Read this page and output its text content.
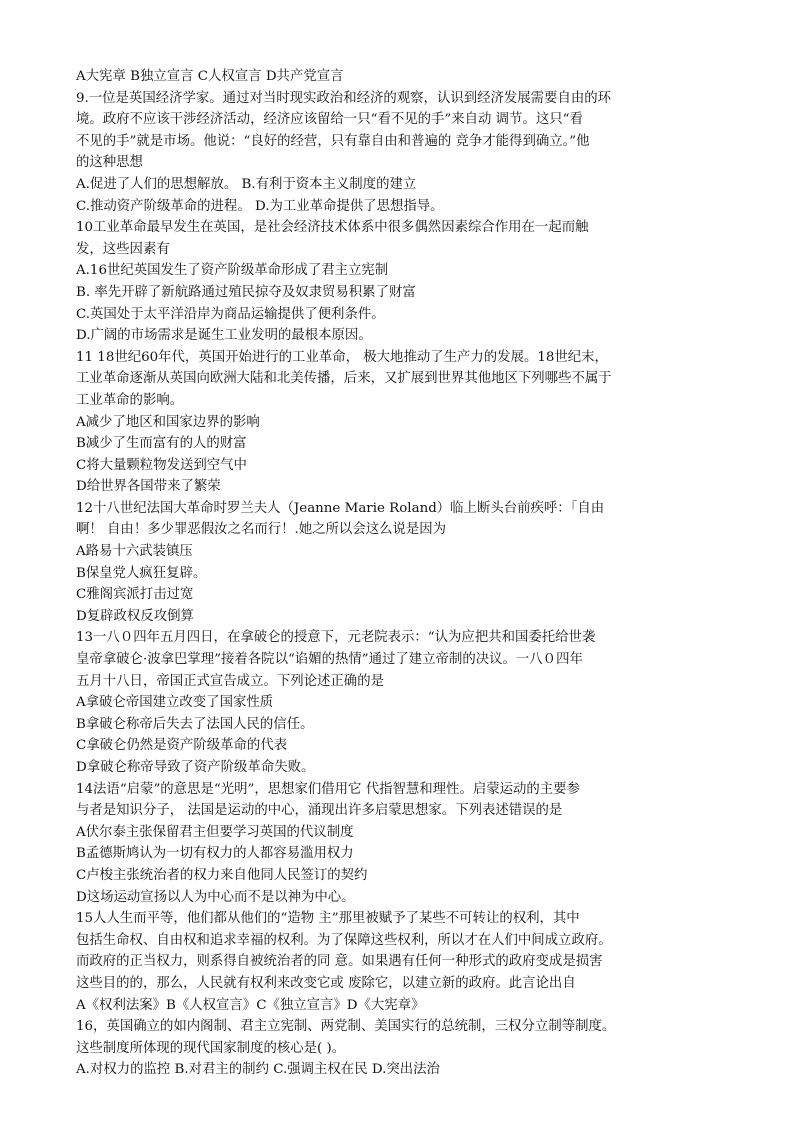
A大宪章 B独立宣言 C人权宣言 D共产党宣言
9.一位是英国经济学家。通过对当时现实政治和经济的观察，认识到经济发展需要自由的环
境。政府不应该干涉经济活动，经济应该留给一只“看不见的手”来自动 调节。这只“看
不见的手”就是市场。他说：“良好的经营，只有靠自由和普遍的 竞争才能得到确立。”他
的这种思想
A.促进了人们的思想解放。 B.有利于资本主义制度的建立
C.推动资产阶级革命的进程。 D.为工业革命提供了思想指导。
10工业革命最早发生在英国，是社会经济技术体系中很多偶然因素综合作用在一起而触
发，这些因素有
A.16世纪英国发生了资产阶级革命形成了君主立宪制
B. 率先开辟了新航路通过殖民掠夺及奴隶贸易积累了财富
C.英国处于太平洋沿岸为商品运输提供了便利条件。
D.广阔的市场需求是诞生工业发明的最根本原因。
11 18世纪60年代，英国开始进行的工业革命， 极大地推动了生产力的发展。18世纪末，
工业革命逐渐从英国向欧洲大陆和北美传播，后来，又扩展到世界其他地区下列哪些不属于
工业革命的影响。
A减少了地区和国家边界的影响
B减少了生而富有的人的财富
C将大量颗粒物发送到空气中
D给世界各国带来了繁荣
12十八世纪法国大革命时罗兰夫人（Jeanne Marie Roland）临上断头台前疾呼：「自由
啊！ 自由！多少罪恶假汝之名而行！.她之所以会这么说是因为
A路易十六武装镇压
B保皇党人疯狂复辟。
C雅阁宾派打击过宽
D复辟政权反攻倒算
13一八０四年五月四日，在拿破仑的授意下，元老院表示：“认为应把共和国委托给世袭
皇帝拿破仑·波拿巴掌理”接着各院以“谄媚的热情”通过了建立帝制的决议。一八０四年
五月十八日，帝国正式宣告成立。下列论述正确的是
A拿破仑帝国建立改变了国家性质
B拿破仑称帝后失去了法国人民的信任。
C拿破仑仍然是资产阶级革命的代表
D拿破仑称帝导致了资产阶级革命失败。
14法语“启蒙”的意思是“光明”，思想家们借用它 代指智慧和理性。启蒙运动的主要参
与者是知识分子， 法国是运动的中心，涌现出许多启蒙思想家。下列表述错误的是
A伏尔泰主张保留君主但要学习英国的代议制度
B孟德斯鸠认为一切有权力的人都容易滥用权力
C卢梭主张统治者的权力来自他同人民签订的契约
D这场运动宣扬以人为中心而不是以神为中心。
15人人生而平等，他们都从他们的“造物 主”那里被赋予了某些不可转让的权利，其中
包括生命权、自由权和追求幸福的权利。为了保障这些权利，所以才在人们中间成立政府。
而政府的正当权力，则系得自被统治者的同 意。如果遇有任何一种形式的政府变成是损害
这些目的的，那么，人民就有权利来改变它或 废除它，以建立新的政府。此言论出自
A《权利法案》B《人权宣言》C《独立宣言》D《大宪章》
16，英国确立的如内阁制、君主立宪制、两党制、美国实行的总统制，三权分立制等制度。
这些制度所体现的现代国家制度的核心是( )。
A.对权力的监控 B.对君主的制约 C.强调主权在民 D.突出法治
